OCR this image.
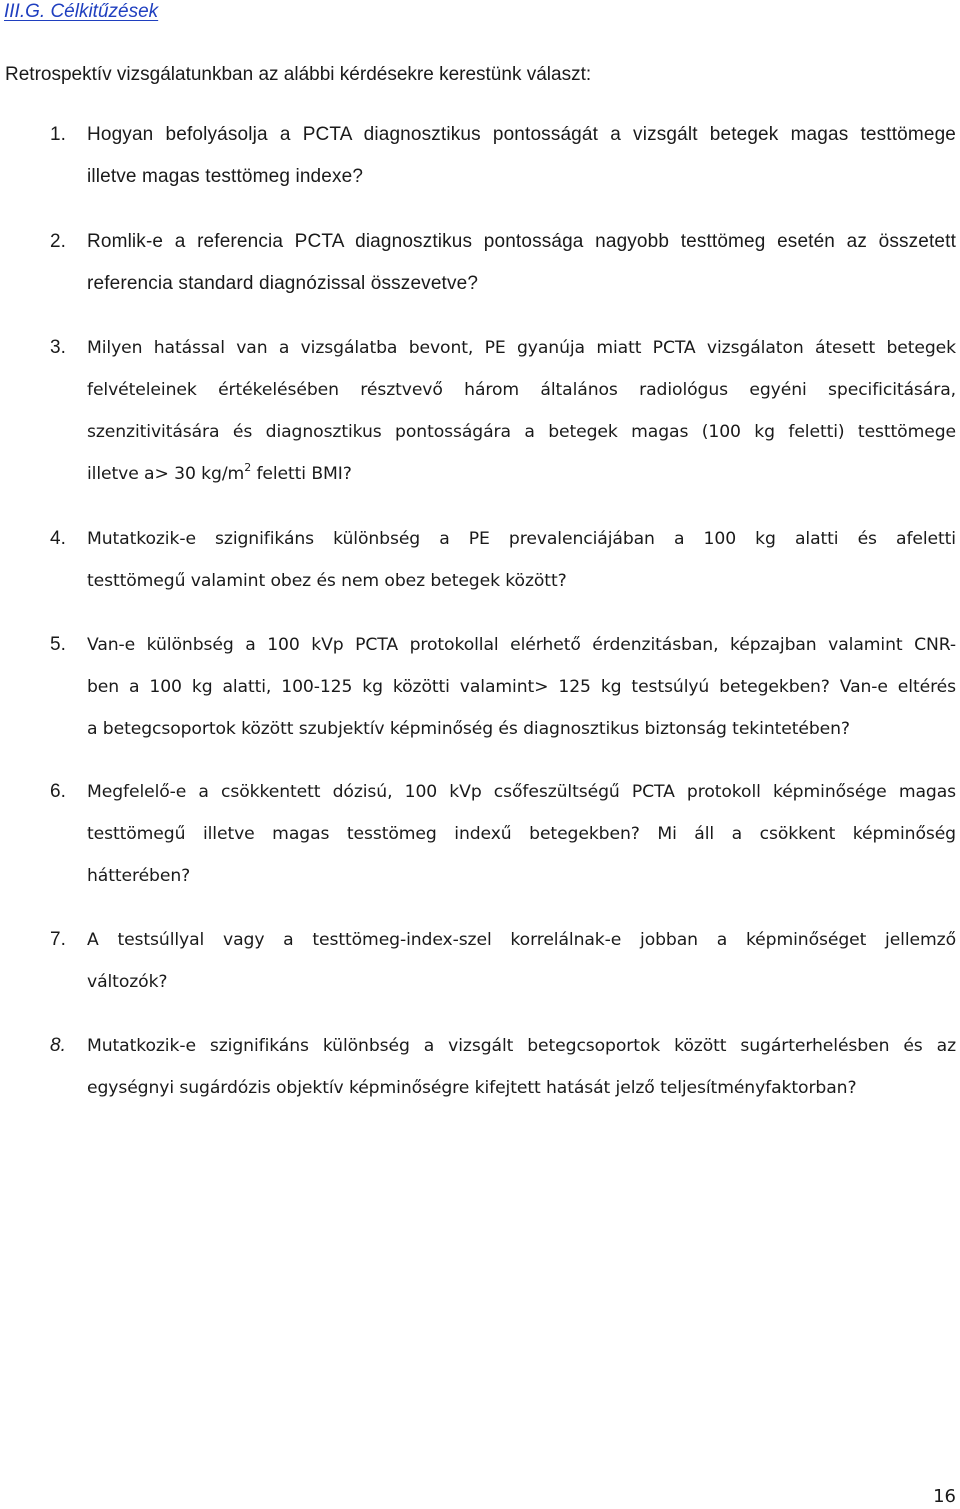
III.G. Célkitűzések
Retrospektív vizsgálatunkban az alábbi kérdésekre kerestünk választ:
1.	Hogyan befolyásolja a PCTA diagnosztikus pontosságát a vizsgált betegek magas testtömege
illetve magas testtömeg indexe?
2.	Romlik-e a referencia PCTA diagnosztikus pontossága nagyobb testtömeg esetén az összetett
referencia standard diagnózissal összevetve?
3.	Milyen hatással van a vizsgálatba bevont, PE gyanúja miatt PCTA vizsgálaton átesett betegek
felvételeinek értékelésében résztvevő három általános radiológus egyéni specificitására,
szenzitivitására és diagnosztikus pontosságára a betegek magas (100 kg feletti) testtömege
illetve a> 30 $kg/m^2$ feletti BMI?
4.	Mutatkozik-e szignifikáns különbség a PE prevalenciájában a 100 kg alatti és afeletti
testtömegű valamint obez és nem obez betegek között?
5.	Van-e különbség a 100 kVp PCTA protokollal elérhető érdenzitásban, képzajban valamint CNR-
ben a 100 kg alatti, 100-125 kg közötti valamint> 125 kg testsúlyú betegekben? Van-e eltérés
a betegcsoportok között szubjektív képminőség és diagnosztikus biztonság tekintetében?
6.	Megfelelő-e a csökkentett dózisú, 100 kVp csőfeszültségű PCTA protokoll képminősége magas
testtömegű illetve magas tesstömeg indexű betegekben? Mi áll a csökkent képminőség
hátterében?
7.	A testsúllyal vagy a testtömeg-index-szel korrelálnak-e jobban a képminőséget jellemző
változók?
8.	Mutatkozik-e szignifikáns különbség a vizsgált betegcsoportok között sugárterhelésben és az
egységnyi sugárdózis objektív képminőségre kifejtett hatását jelző teljesítményfaktorban?
16
